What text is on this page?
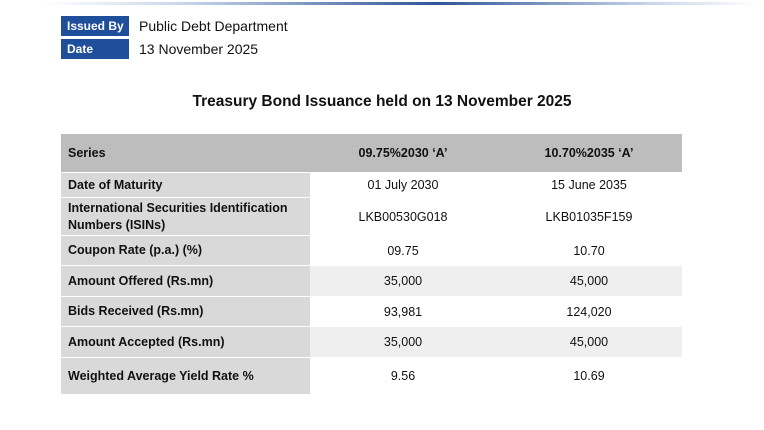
Issued By	Public Debt Department
Date	13 November 2025
Treasury Bond Issuance held on 13 November 2025
Series	09.75%2030 ‘A’	10.70%2035 ‘A’
Date of Maturity	01 July 2030	15 June 2035
International Securities Identification Numbers (ISINs)	LKB00530G018	LKB01035F159
Coupon Rate (p.a.) (%)	09.75	10.70
Amount Offered (Rs.mn)	35,000	45,000
Bids Received (Rs.mn)	93,981	124,020
Amount Accepted (Rs.mn)	35,000	45,000
Weighted Average Yield Rate %	9.56	10.69
